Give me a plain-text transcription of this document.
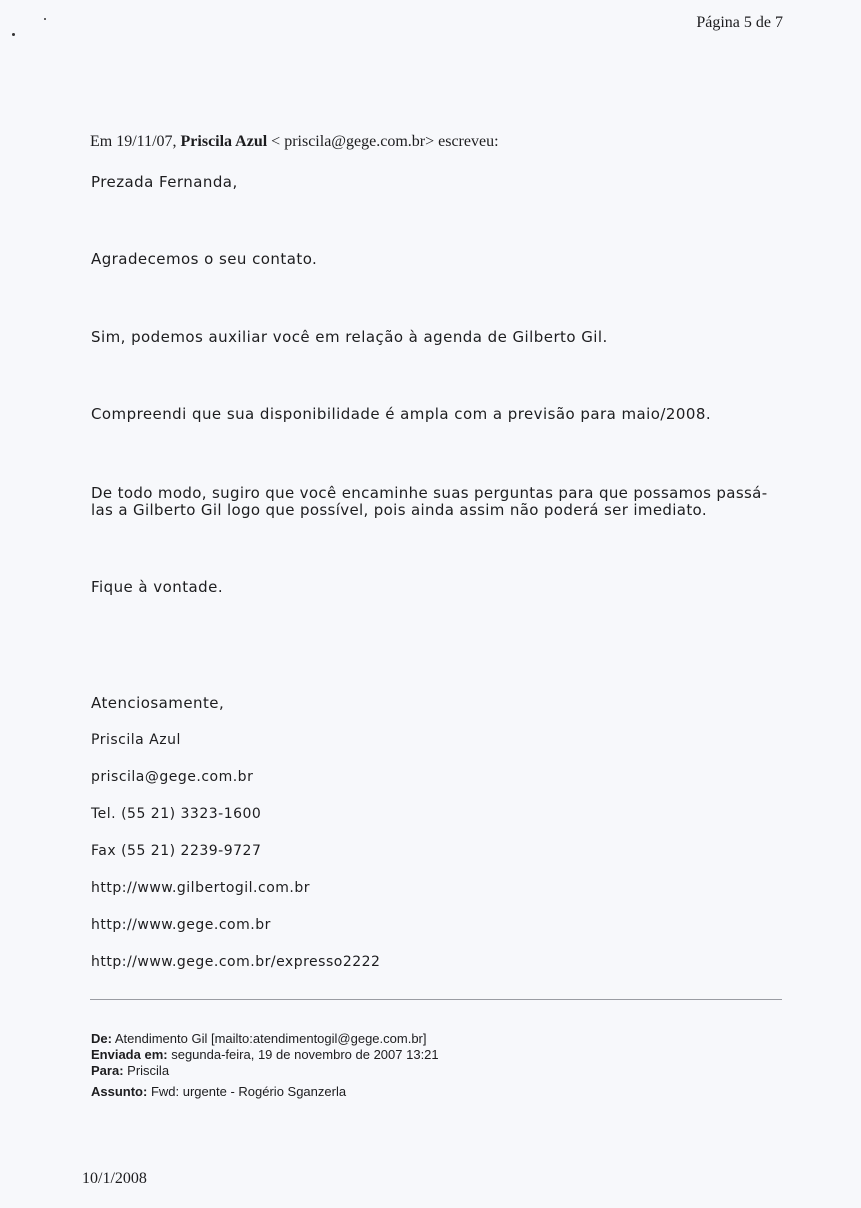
Página 5 de 7
Em 19/11/07, Priscila Azul < priscila@gege.com.br> escreveu:
Prezada Fernanda,
Agradecemos o seu contato.
Sim, podemos auxiliar você em relação à agenda de Gilberto Gil.
Compreendi que sua disponibilidade é ampla com a previsão para maio/2008.
De todo modo, sugiro que você encaminhe suas perguntas para que possamos passá-
las a Gilberto Gil logo que possível, pois ainda assim não poderá ser imediato.
Fique à vontade.
Atenciosamente,
Priscila Azul
priscila@gege.com.br
Tel. (55 21) 3323-1600
Fax (55 21) 2239-9727
http://www.gilbertogil.com.br
http://www.gege.com.br
http://www.gege.com.br/expresso2222
De: Atendimento Gil [mailto:atendimentogil@gege.com.br]
Enviada em: segunda-feira, 19 de novembro de 2007 13:21
Para: Priscila
Assunto: Fwd: urgente - Rogério Sganzerla
10/1/2008
